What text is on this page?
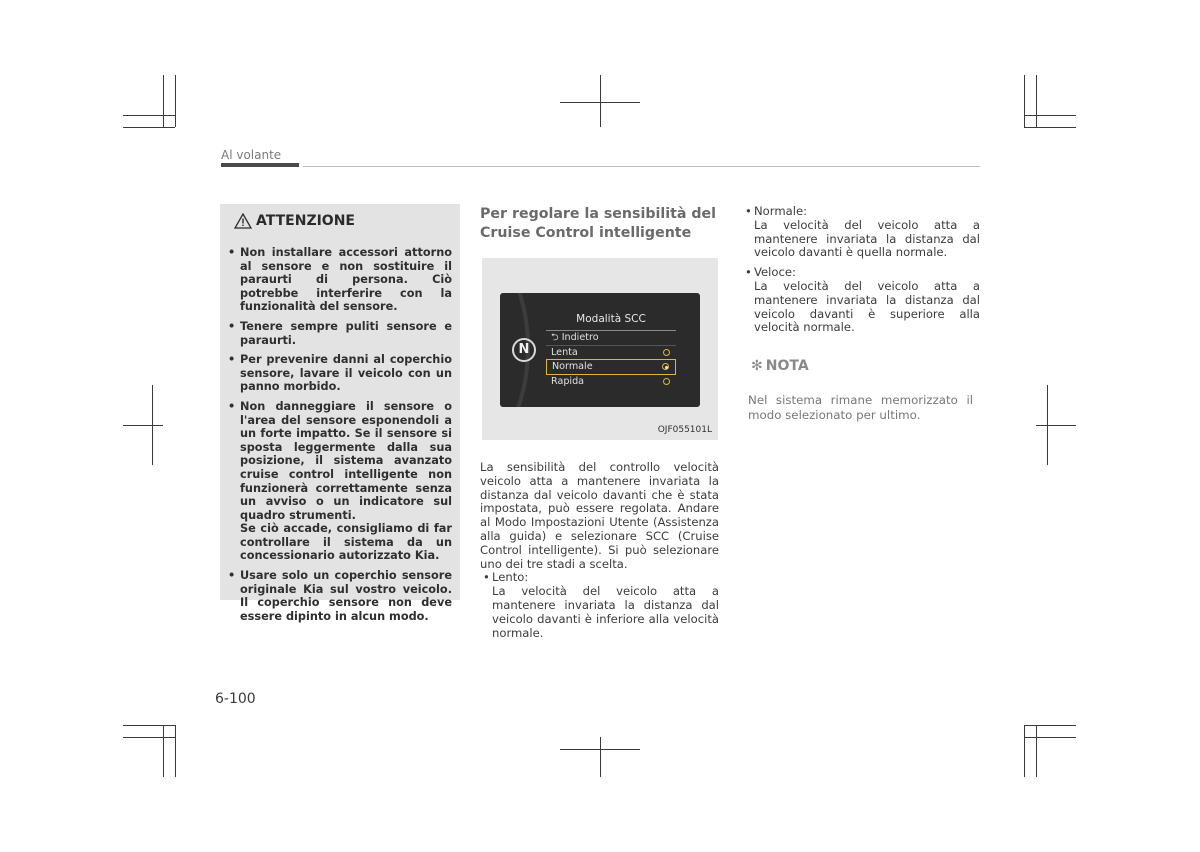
Al volante
ATTENZIONE
• Non installare accessori attorno al sensore e non sostituire il paraurti di persona. Ciò potrebbe interferire con la funzionalità del sensore.
• Tenere sempre puliti sensore e paraurti.
• Per prevenire danni al coperchio sensore, lavare il veicolo con un panno morbido.
• Non danneggiare il sensore o l'area del sensore esponendoli a un forte impatto. Se il sensore si sposta leggermente dalla sua posizione, il sistema avanzato cruise control intelligente non funzionerà correttamente senza un avviso o un indicatore sul quadro strumenti.
Se ciò accade, consigliamo di far controllare il sistema da un concessionario autorizzato Kia.
• Usare solo un coperchio sensore originale Kia sul vostro veicolo. Il coperchio sensore non deve essere dipinto in alcun modo.
Per regolare la sensibilità del Cruise Control intelligente
N
Modalità SCC
⮌ Indietro
Lenta
Normale
Rapida
OJF055101L
La sensibilità del controllo velocità veicolo atta a mantenere invariata la distanza dal veicolo davanti che è stata impostata, può essere regolata. Andare al Modo Impostazioni Utente (Assistenza alla guida) e selezionare SCC (Cruise Control intelligente). Si può selezionare uno dei tre stadi a scelta.
• Lento:
La velocità del veicolo atta a mantenere invariata la distanza dal veicolo davanti è inferiore alla velocità normale.
• Normale:
La velocità del veicolo atta a mantenere invariata la distanza dal veicolo davanti è quella normale.
• Veloce:
La velocità del veicolo atta a mantenere invariata la distanza dal veicolo davanti è superiore alla velocità normale.
✻ NOTA
Nel sistema rimane memorizzato il modo selezionato per ultimo.
6-100
